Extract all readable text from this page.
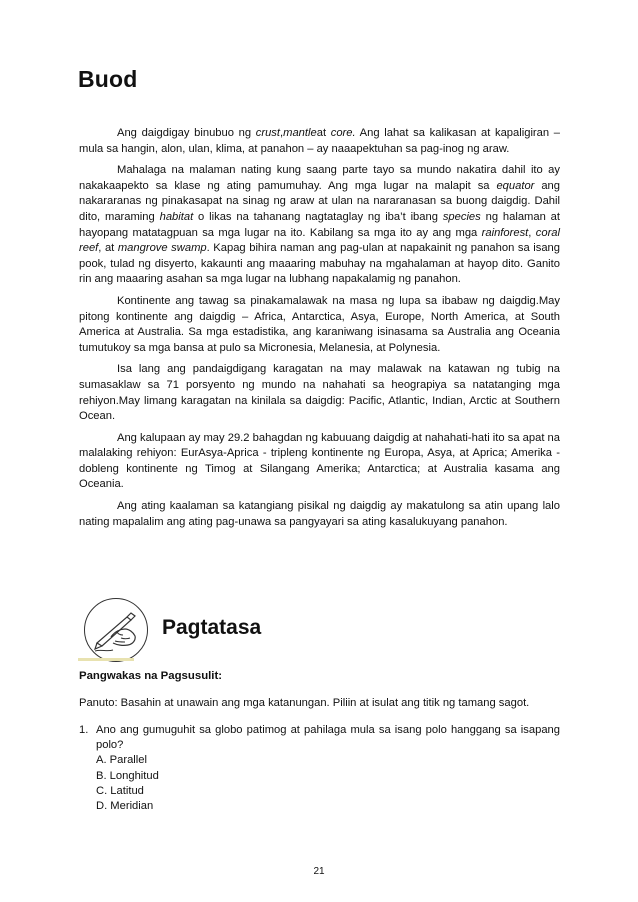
Buod

Ang daigdigay binubuo ng crust,mantleat core. Ang lahat sa kalikasan at kapaligiran – mula sa hangin, alon, ulan, klima, at panahon – ay naaapektuhan sa pag-inog ng araw.

Mahalaga na malaman nating kung saang parte tayo sa mundo nakatira dahil ito ay nakakaapekto sa klase ng ating pamumuhay. Ang mga lugar na malapit sa equator ang nakararanas ng pinakasapat na sinag ng araw at ulan na nararanasan sa buong daigdig. Dahil dito, maraming habitat o likas na tahanang nagtataglay ng iba’t ibang species ng halaman at hayopang matatagpuan sa mga lugar na ito. Kabilang sa mga ito ay ang mga rainforest, coral reef, at mangrove swamp. Kapag bihira naman ang pag-ulan at napakainit ng panahon sa isang pook, tulad ng disyerto, kakaunti ang maaaring mabuhay na mgahalaman at hayop dito. Ganito rin ang maaaring asahan sa mga lugar na lubhang napakalamig ng panahon.

Kontinente ang tawag sa pinakamalawak na masa ng lupa sa ibabaw ng daigdig.May pitong kontinente ang daigdig – Africa, Antarctica, Asya, Europe, North America, at South America at Australia. Sa mga estadistika, ang karaniwang isinasama sa Australia ang Oceania tumutukoy sa mga bansa at pulo sa Micronesia, Melanesia, at Polynesia.

Isa lang ang pandaigdigang karagatan na may malawak na katawan ng tubig na sumasaklaw sa 71 porsyento ng mundo na nahahati sa heograpiya sa natatanging mga rehiyon.May limang karagatan na kinilala sa daigdig: Pacific, Atlantic, Indian, Arctic at Southern Ocean.

Ang kalupaan ay may 29.2 bahagdan ng kabuuang daigdig at nahahati-hati ito sa apat na malalaking rehiyon: EurAsya-Aprica - tripleng kontinente ng Europa, Asya, at Aprica; Amerika - dobleng kontinente ng Timog at Silangang Amerika; Antarctica; at Australia kasama ang Oceania.

Ang ating kaalaman sa katangiang pisikal ng daigdig ay makatulong sa atin upang lalo nating mapalalim ang ating pag-unawa sa pangyayari sa ating kasalukuyang panahon.

Pagtatasa
Pangwakas na Pagsusulit:
Panuto: Basahin at unawain ang mga katanungan. Piliin at isulat ang titik ng tamang sagot.
1. Ano ang gumuguhit sa globo patimog at pahilaga mula sa isang polo hanggang sa isapang polo?
A. Parallel
B. Longhitud
C. Latitud
D. Meridian
21
